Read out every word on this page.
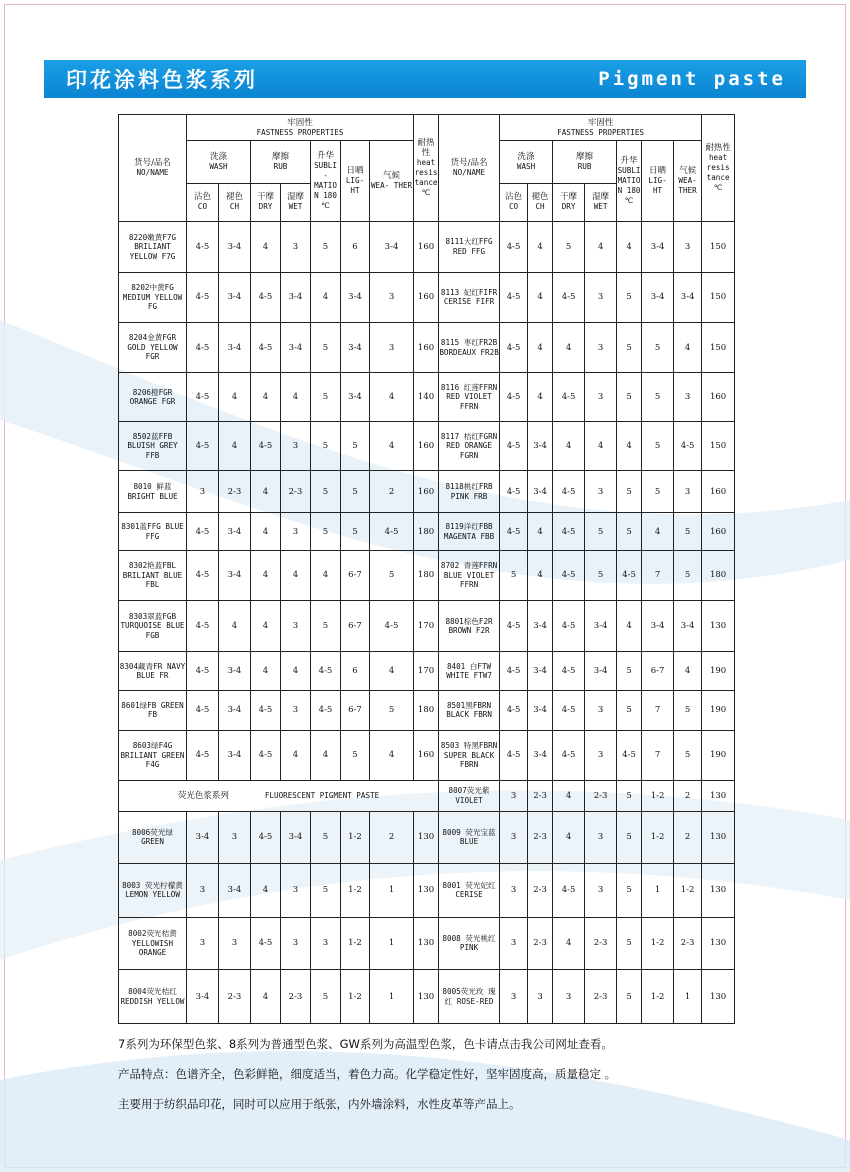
印花涂料色浆系列	Pigment paste
货号/品名
NO/NAME	牢固性
FASTNESS PROPERTIES							耐热性
heat resis tance ℃	货号/品名
NO/NAME	牢固性
FASTNESS PROPERTIES							耐热性
heat resis tance ℃
	洗涤
WASH		摩擦
RUB		升华
SUBLI - MATIO N 180 ℃	日晒
LIG- HT	气候
WEA- THER			洗涤
WASH		摩擦
RUB		升华
SUBLI MATIO N 180 ℃	日晒
LIG- HT	气候
WEA- THER	
	沾色
CO	褪色
CH	干摩
DRY	湿摩
WET						沾色
CO	褪色
CH	干摩
DRY	湿摩
WET				
8220嫩黄F7G BRILIANT YELLOW F7G	4-5	3-4	4	3	5	6	3-4	160	8111大红FFG RED FFG	4-5	4	5	4	4	3-4	3	150
8202中黄FG MEDIUM YELLOW FG	4-5	3-4	4-5	3-4	4	3-4	3	160	8113 妃红FIFR CERISE FIFR	4-5	4	4-5	3	5	3-4	3-4	150
8204金黄FGR GOLD YELLOW FGR	4-5	3-4	4-5	3-4	5	3-4	3	160	8115 枣红FR2B BORDEAUX FR2B	4-5	4	4	3	5	5	4	150
8206橙FGR ORANGE FGR	4-5	4	4	4	5	3-4	4	140	8116 红莲FFRN RED VIOLET FFRN	4-5	4	4-5	3	5	5	3	160
8502蓝FFB BLUISH GREY FFB	4-5	4	4-5	3	5	5	4	160	8117 桔红FGRN RED ORANGE FGRN	4-5	3-4	4	4	4	5	4-5	150
8010 鲜蓝 BRIGHT BLUE	3	2-3	4	2-3	5	5	2	160	8118桃红FRB PINK FRB	4-5	3-4	4-5	3	5	5	3	160
8301蓝FFG BLUE FFG	4-5	3-4	4	3	5	5	4-5	180	8119洋红FBB MAGENTA FBB	4-5	4	4-5	5	5	4	5	160
8302艳蓝FBL BRILIANT BLUE FBL	4-5	3-4	4	4	4	6-7	5	180	8702 青莲FFRN BLUE VIOLET FFRN	5	4	4-5	5	4-5	7	5	180
8303翠蓝FGB TURQUOISE BLUE FGB	4-5	4	4	3	5	6-7	4-5	170	8801棕色F2R BROWN F2R	4-5	3-4	4-5	3-4	4	3-4	3-4	130
8304藏青FR NAVY BLUE FR	4-5	3-4	4	4	4-5	6	4	170	8401 白FTW WHITE FTW7	4-5	3-4	4-5	3-4	5	6-7	4	190
8601绿FB GREEN FB	4-5	3-4	4-5	3	4-5	6-7	5	180	8501黑FBRN BLACK FBRN	4-5	3-4	4-5	3	5	7	5	190
8603绿F4G BRILIANT GREEN F4G	4-5	3-4	4-5	4	4	5	4	160	8503 特黑FBRN SUPER BLACK FBRN	4-5	3-4	4-5	3	4-5	7	5	190
荧光色浆系列 FLUORESCENT PIGMENT PASTE									8007荧光紫 VIOLET	3	2-3	4	2-3	5	1-2	2	130
8006荧光绿 GREEN	3-4	3	4-5	3-4	5	1-2	2	130	8009 荧光宝蓝 BLUE	3	2-3	4	3	5	1-2	2	130
8003 荧光柠檬黄 LEMON YELLOW	3	3-4	4	3	5	1-2	1	130	8001 荧光妃红 CERISE	3	2-3	4-5	3	5	1	1-2	130
8002荧光桔黄 YELLOWISH ORANGE	3	3	4-5	3	3	1-2	1	130	8008 荧光桃红 PINK	3	2-3	4	2-3	5	1-2	2-3	130
8004荧光桔红 REDDISH YELLOW	3-4	2-3	4	2-3	5	1-2	1	130	8005荧光玫 瑰红 ROSE-RED	3	3	3	2-3	5	1-2	1	130

7系列为环保型色浆、8系列为普通型色浆、GW系列为高温型色浆，色卡请点击我公司网址查看。

产品特点：色谱齐全，色彩鲜艳，细度适当，着色力高。化学稳定性好，坚牢固度高，质量稳定 。

主要用于纺织品印花，同时可以应用于纸张，内外墙涂料，水性皮革等产品上。
